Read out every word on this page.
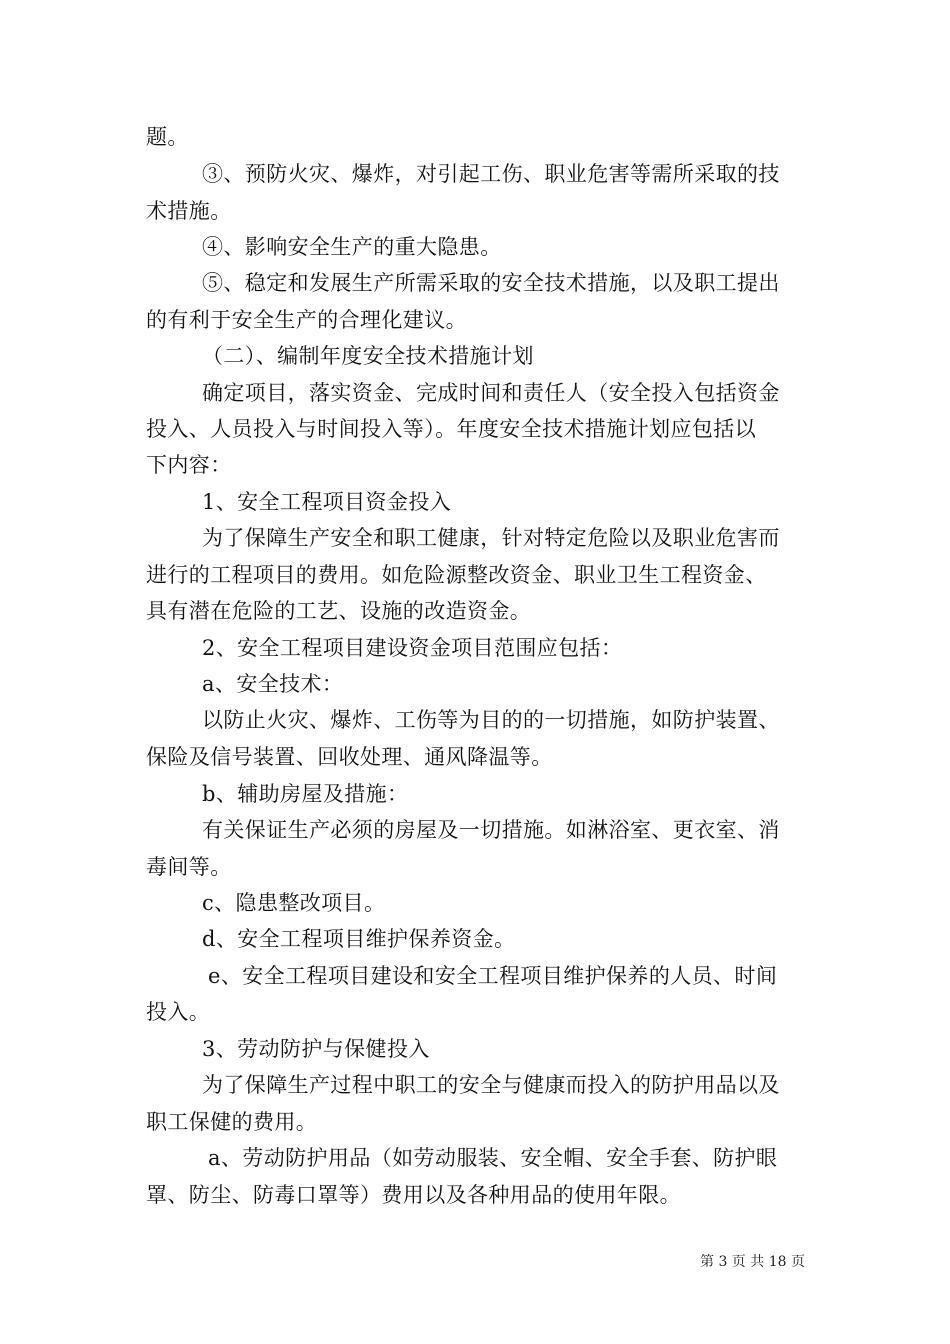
题。
③、预防火灾、爆炸，对引起工伤、职业危害等需所采取的技
术措施。
④、影响安全生产的重大隐患。
⑤、稳定和发展生产所需采取的安全技术措施，以及职工提出
的有利于安全生产的合理化建议。
（二）、编制年度安全技术措施计划
确定项目，落实资金、完成时间和责任人（安全投入包括资金
投入、人员投入与时间投入等）。年度安全技术措施计划应包括以
下内容：
1、安全工程项目资金投入
为了保障生产安全和职工健康，针对特定危险以及职业危害而
进行的工程项目的费用。如危险源整改资金、职业卫生工程资金、
具有潜在危险的工艺、设施的改造资金。
2、安全工程项目建设资金项目范围应包括：
a、安全技术：
以防止火灾、爆炸、工伤等为目的的一切措施，如防护装置、
保险及信号装置、回收处理、通风降温等。
b、辅助房屋及措施：
有关保证生产必须的房屋及一切措施。如淋浴室、更衣室、消
毒间等。
c、隐患整改项目。
d、安全工程项目维护保养资金。
e、安全工程项目建设和安全工程项目维护保养的人员、时间
投入。
3、劳动防护与保健投入
为了保障生产过程中职工的安全与健康而投入的防护用品以及
职工保健的费用。
a、劳动防护用品（如劳动服装、安全帽、安全手套、防护眼
罩、防尘、防毒口罩等）费用以及各种用品的使用年限。
第 3 页 共 18 页
